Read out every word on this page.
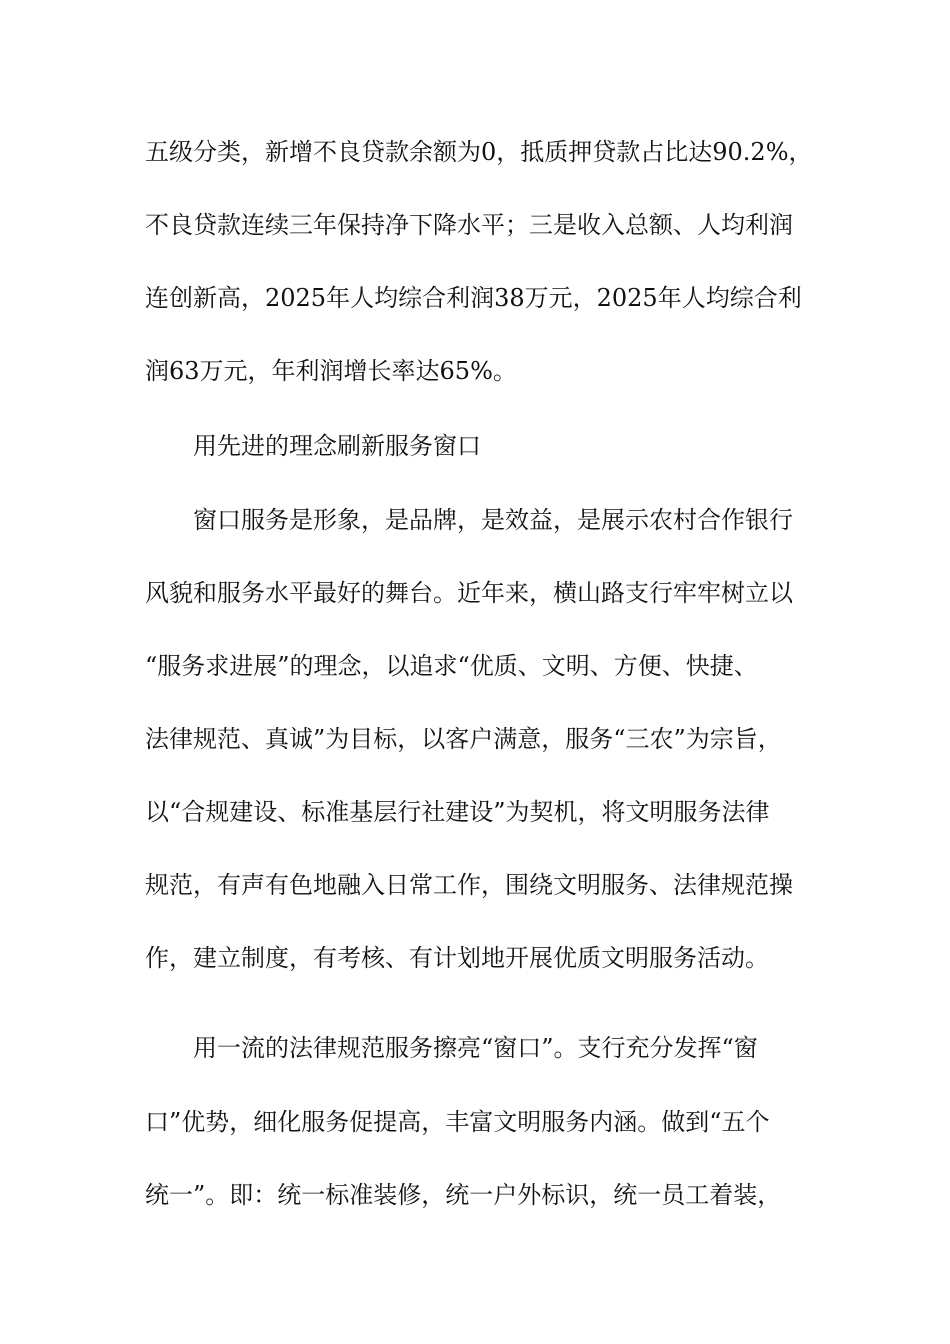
五级分类，新增不良贷款余额为0，抵质押贷款占比达90.2%，
不良贷款连续三年保持净下降水平；三是收入总额、人均利润
连创新高，2025年人均综合利润38万元，2025年人均综合利
润63万元，年利润增长率达65%。
用先进的理念刷新服务窗口
窗口服务是形象，是品牌，是效益，是展示农村合作银行
风貌和服务水平最好的舞台。近年来，横山路支行牢牢树立以
“服务求进展”的理念，以追求“优质、文明、方便、快捷、
法律规范、真诚”为目标，以客户满意，服务“三农”为宗旨，
以“合规建设、标准基层行社建设”为契机，将文明服务法律
规范，有声有色地融入日常工作，围绕文明服务、法律规范操
作，建立制度，有考核、有计划地开展优质文明服务活动。
用一流的法律规范服务擦亮“窗口”。支行充分发挥“窗
口”优势，细化服务促提高，丰富文明服务内涵。做到“五个
统一”。即：统一标准装修，统一户外标识，统一员工着装，
